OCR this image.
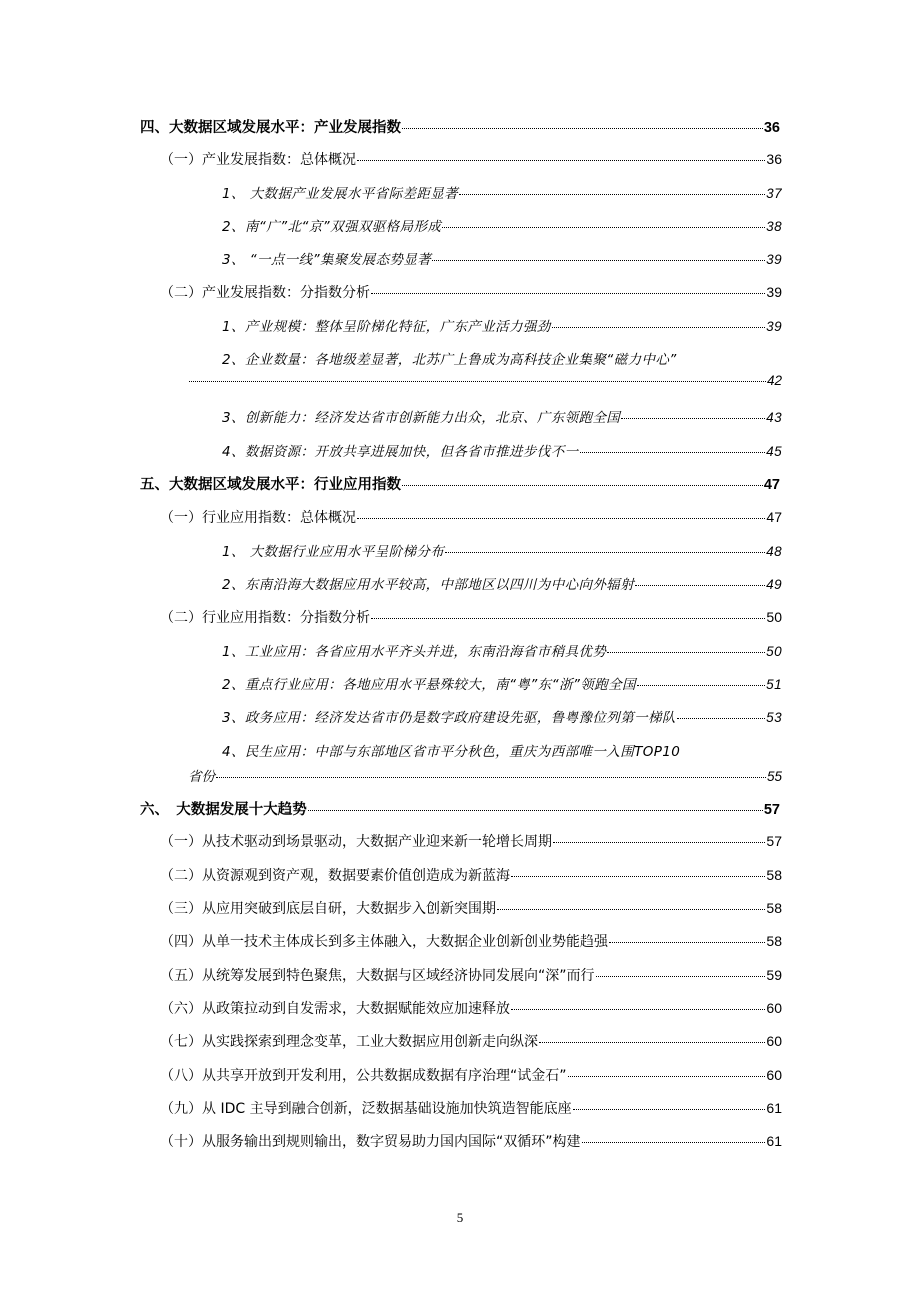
四、大数据区域发展水平：产业发展指数	36
（一）产业发展指数：总体概况	36
1、 大数据产业发展水平省际差距显著	37
2、南“广”北“京”双强双驱格局形成	38
3、 “一点一线”集聚发展态势显著	39
（二）产业发展指数：分指数分析	39
1、产业规模：整体呈阶梯化特征，广东产业活力强劲	39
2、企业数量：各地级差显著，北苏广上鲁成为高科技企业集聚“磁力中心”
42
3、创新能力：经济发达省市创新能力出众，北京、广东领跑全国	43
4、数据资源：开放共享进展加快，但各省市推进步伐不一	45
五、大数据区域发展水平：行业应用指数	47
（一）行业应用指数：总体概况	47
1、 大数据行业应用水平呈阶梯分布	48
2、东南沿海大数据应用水平较高，中部地区以四川为中心向外辐射	49
（二）行业应用指数：分指数分析	50
1、工业应用：各省应用水平齐头并进，东南沿海省市稍具优势	50
2、重点行业应用：各地应用水平悬殊较大，南“粤”东“浙”领跑全国	51
3、政务应用：经济发达省市仍是数字政府建设先驱，鲁粤豫位列第一梯队	53
4、民生应用：中部与东部地区省市平分秋色，重庆为西部唯一入围TOP10
省份	55
六、　大数据发展十大趋势	57
（一）从技术驱动到场景驱动，大数据产业迎来新一轮增长周期	57
（二）从资源观到资产观，数据要素价值创造成为新蓝海	58
（三）从应用突破到底层自研，大数据步入创新突围期	58
（四）从单一技术主体成长到多主体融入，大数据企业创新创业势能趋强	58
（五）从统筹发展到特色聚焦，大数据与区域经济协同发展向“深”而行	59
（六）从政策拉动到自发需求，大数据赋能效应加速释放	60
（七）从实践探索到理念变革，工业大数据应用创新走向纵深	60
（八）从共享开放到开发利用，公共数据成数据有序治理“试金石”	60
（九）从 IDC 主导到融合创新，泛数据基础设施加快筑造智能底座	61
（十）从服务输出到规则输出，数字贸易助力国内国际“双循环”构建	61
5
